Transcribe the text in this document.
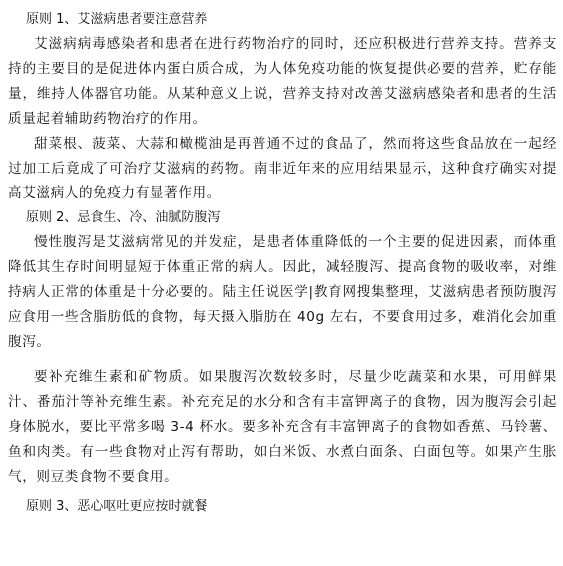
原则 1、艾滋病患者要注意营养

艾滋病病毒感染者和患者在进行药物治疗的同时，还应积极进行营养支持。营养支持的主要目的是促进体内蛋白质合成，为人体免疫功能的恢复提供必要的营养，贮存能量，维持人体器官功能。从某种意义上说，营养支持对改善艾滋病感染者和患者的生活质量起着辅助药物治疗的作用。

甜菜根、菠菜、大蒜和橄榄油是再普通不过的食品了，然而将这些食品放在一起经过加工后竟成了可治疗艾滋病的药物。南非近年来的应用结果显示，这种食疗确实对提高艾滋病人的免疫力有显著作用。

原则 2、忌食生、冷、油腻防腹泻

慢性腹泻是艾滋病常见的并发症，是患者体重降低的一个主要的促进因素，而体重降低其生存时间明显短于体重正常的病人。因此，减轻腹泻、提高食物的吸收率，对维持病人正常的体重是十分必要的。陆主任说医学|教育网搜集整理，艾滋病患者预防腹泻应食用一些含脂肪低的食物，每天摄入脂肪在 40g 左右，不要食用过多，难消化会加重腹泻。

要补充维生素和矿物质。如果腹泻次数较多时，尽量少吃蔬菜和水果，可用鲜果汁、番茄汁等补充维生素。补充充足的水分和含有丰富钾离子的食物，因为腹泻会引起身体脱水，要比平常多喝 3-4 杯水。要多补充含有丰富钾离子的食物如香蕉、马铃薯、鱼和肉类。有一些食物对止泻有帮助，如白米饭、水煮白面条、白面包等。如果产生胀气，则豆类食物不要食用。

原则 3、恶心呕吐更应按时就餐
